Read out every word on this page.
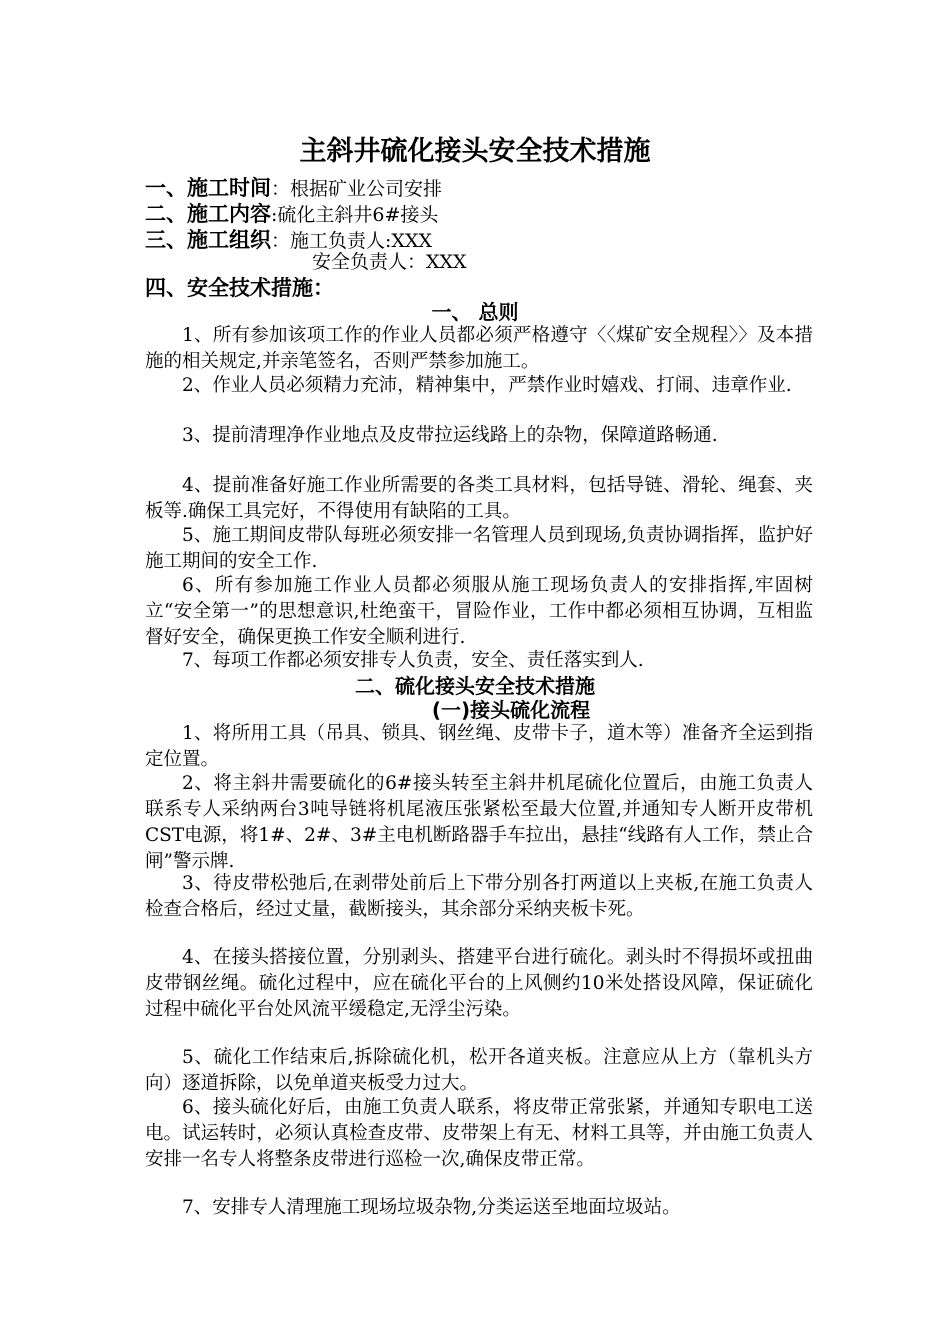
主斜井硫化接头安全技术措施
一、施工时间：根据矿业公司安排
二、施工内容:硫化主斜井6#接头
三、施工组织：施工负责人:XXX
安全负责人：XXX
四、安全技术措施：
一、 总则

1、所有参加该项工作的作业人员都必须严格遵守〈〈煤矿安全规程〉〉及本措施的相关规定,并亲笔签名，否则严禁参加施工。

2、作业人员必须精力充沛，精神集中，严禁作业时嬉戏、打闹、违章作业.

3、提前清理净作业地点及皮带拉运线路上的杂物，保障道路畅通.

4、提前准备好施工作业所需要的各类工具材料，包括导链、滑轮、绳套、夹板等.确保工具完好，不得使用有缺陷的工具。

5、施工期间皮带队每班必须安排一名管理人员到现场,负责协调指挥，监护好施工期间的安全工作.

6、所有参加施工作业人员都必须服从施工现场负责人的安排指挥,牢固树立“安全第一”的思想意识,杜绝蛮干，冒险作业，工作中都必须相互协调，互相监督好安全，确保更换工作安全顺利进行.

7、每项工作都必须安排专人负责，安全、责任落实到人.

二、硫化接头安全技术措施
(一)接头硫化流程

1、将所用工具（吊具、锁具、钢丝绳、皮带卡子，道木等）准备齐全运到指定位置。

2、将主斜井需要硫化的6#接头转至主斜井机尾硫化位置后，由施工负责人联系专人采纳两台3吨导链将机尾液压张紧松至最大位置,并通知专人断开皮带机CST电源，将1#、2#、3#主电机断路器手车拉出，悬挂“线路有人工作，禁止合闸”警示牌.

3、待皮带松弛后,在剥带处前后上下带分别各打两道以上夹板,在施工负责人检查合格后，经过丈量，截断接头，其余部分采纳夹板卡死。

4、在接头搭接位置，分别剥头、搭建平台进行硫化。剥头时不得损坏或扭曲皮带钢丝绳。硫化过程中，应在硫化平台的上风侧约10米处搭设风障，保证硫化过程中硫化平台处风流平缓稳定,无浮尘污染。

5、硫化工作结束后,拆除硫化机，松开各道夹板。注意应从上方（靠机头方向）逐道拆除，以免单道夹板受力过大。

6、接头硫化好后，由施工负责人联系，将皮带正常张紧，并通知专职电工送电。试运转时，必须认真检查皮带、皮带架上有无、材料工具等，并由施工负责人安排一名专人将整条皮带进行巡检一次,确保皮带正常。

7、安排专人清理施工现场垃圾杂物,分类运送至地面垃圾站。
